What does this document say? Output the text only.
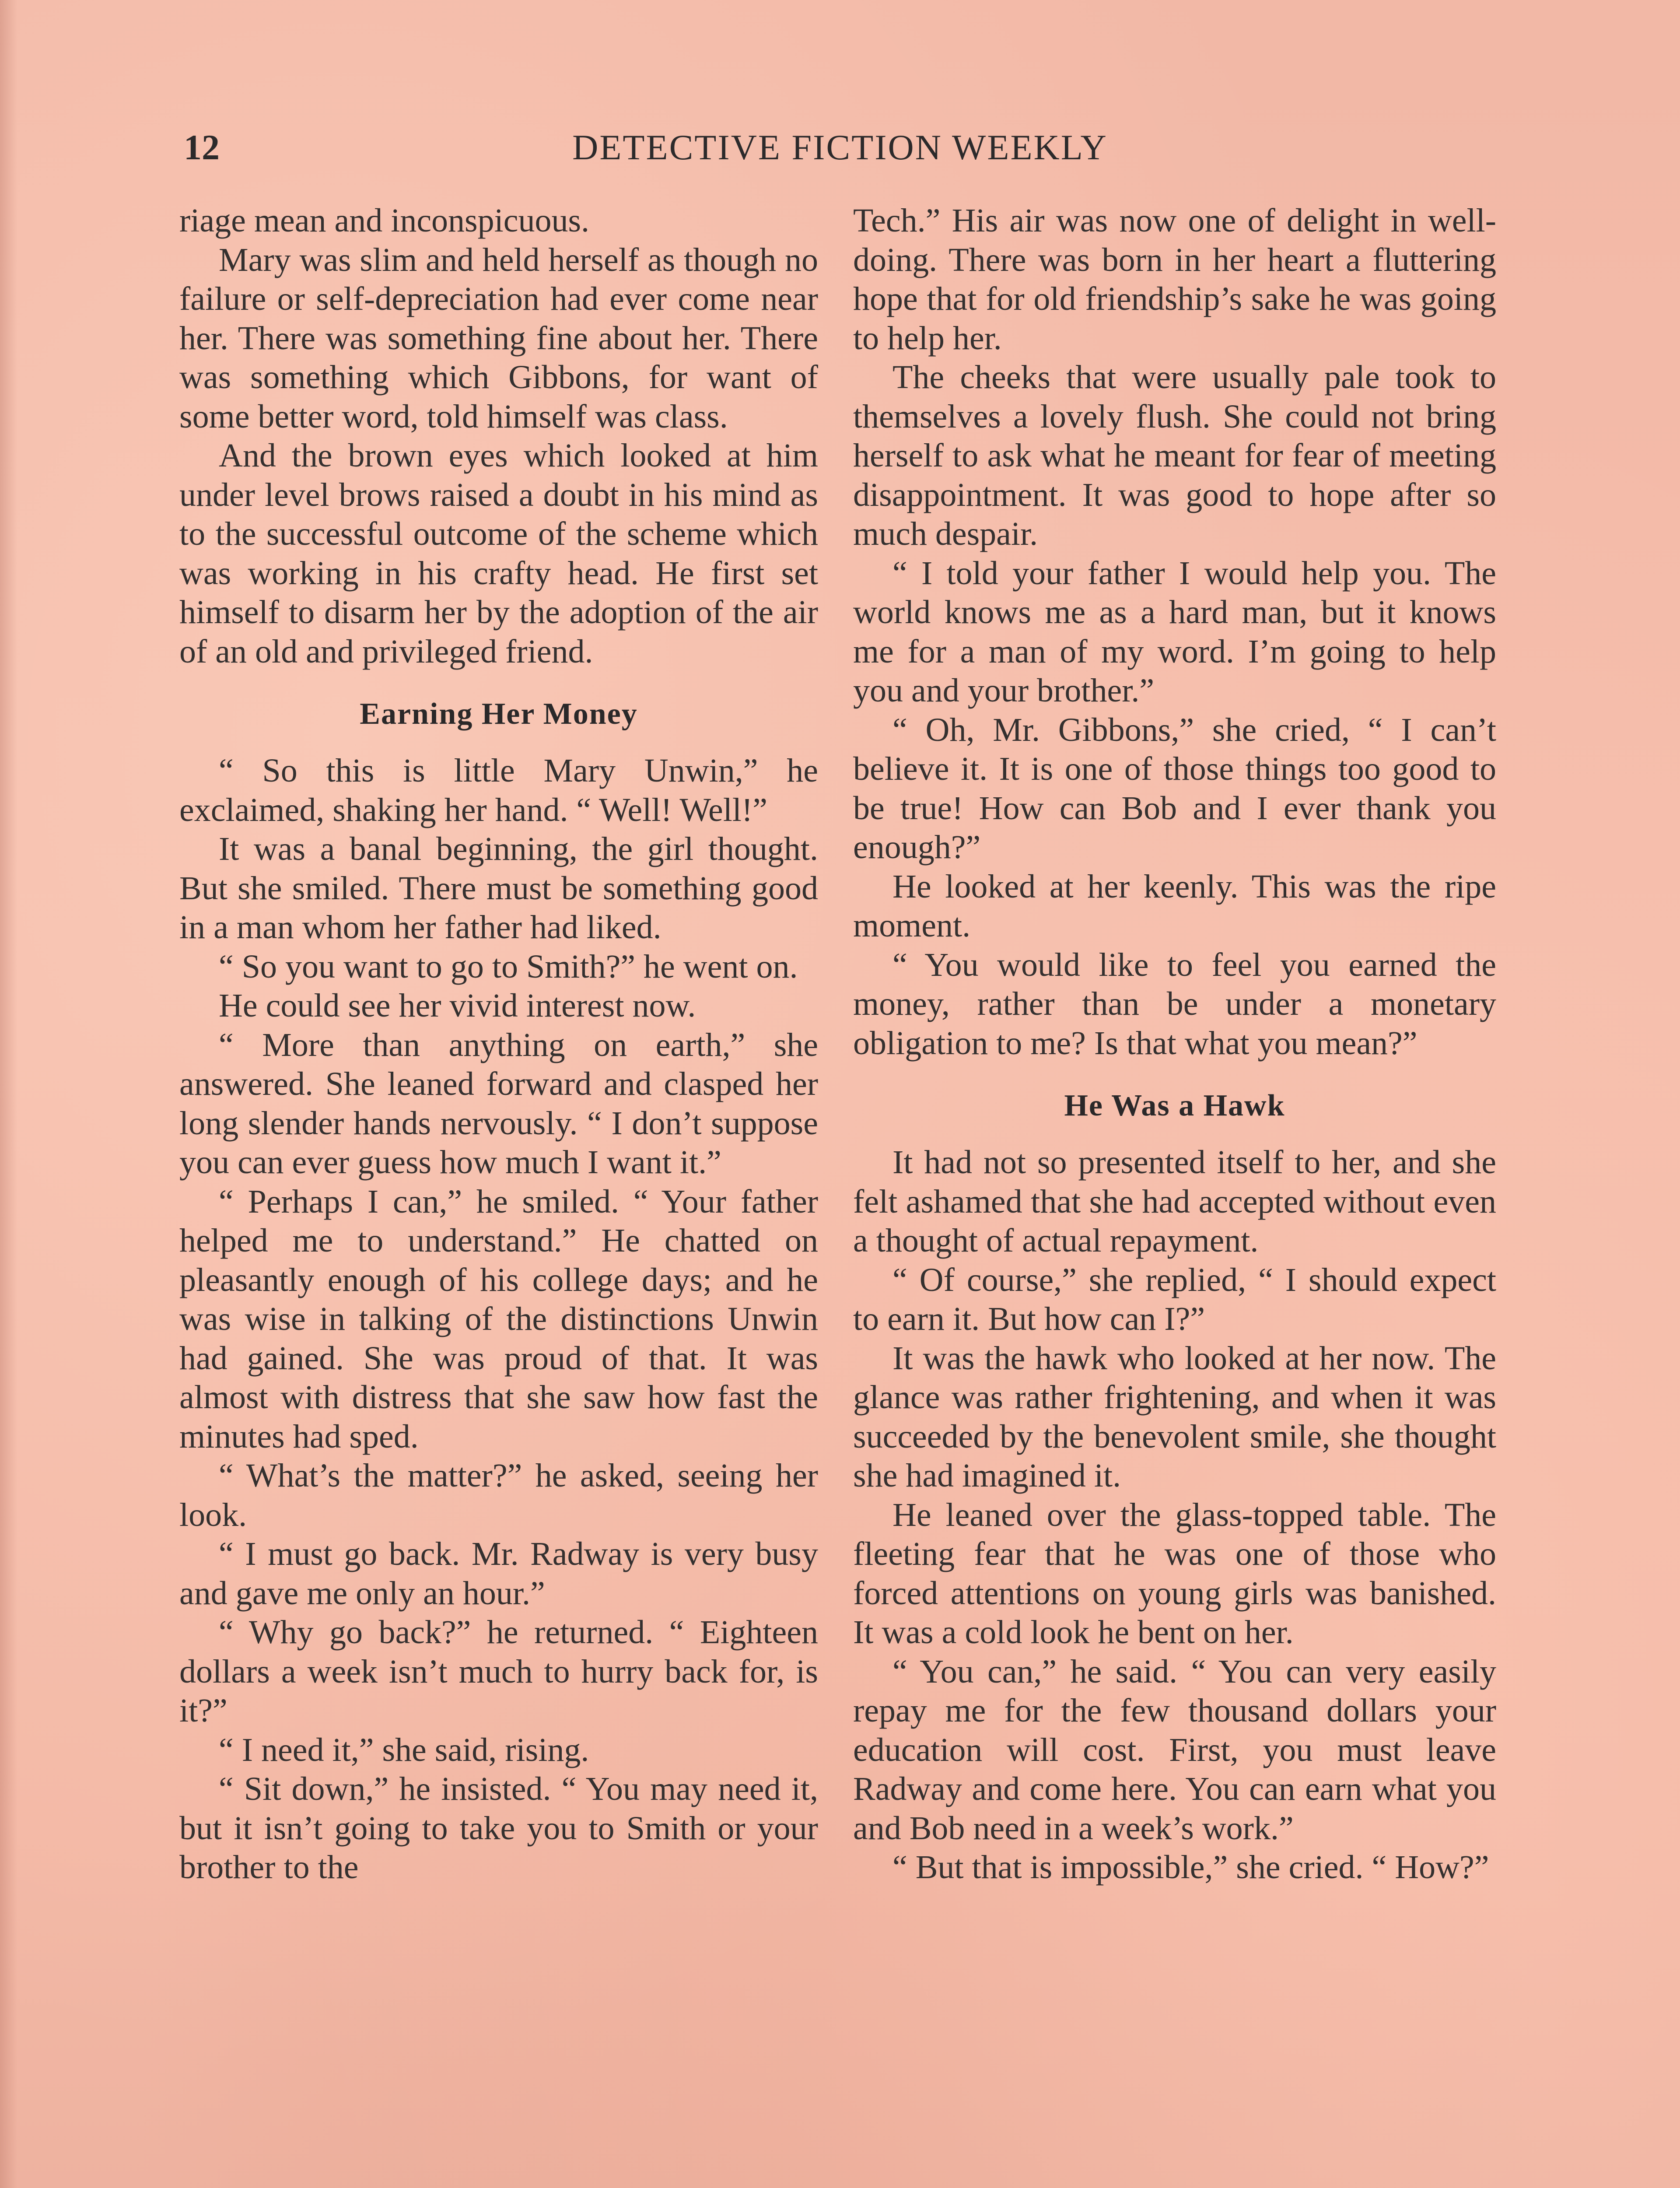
12	DETECTIVE FICTION WEEKLY

riage mean and inconspicuous.

Mary was slim and held herself as though no failure or self-depreciation had ever come near her. There was something fine about her. There was something which Gibbons, for want of some better word, told himself was class.

And the brown eyes which looked at him under level brows raised a doubt in his mind as to the successful outcome of the scheme which was working in his crafty head. He first set himself to disarm her by the adoption of the air of an old and privileged friend.

Earning Her Money

“ So this is little Mary Unwin,” he exclaimed, shaking her hand. “ Well! Well!”

It was a banal beginning, the girl thought. But she smiled. There must be something good in a man whom her father had liked.

“ So you want to go to Smith?” he went on.

He could see her vivid interest now.

“ More than anything on earth,” she answered. She leaned forward and clasped her long slender hands nervously. “ I don’t suppose you can ever guess how much I want it.”

“ Perhaps I can,” he smiled. “ Your father helped me to understand.” He chatted on pleasantly enough of his college days; and he was wise in talking of the distinctions Unwin had gained. She was proud of that. It was almost with distress that she saw how fast the minutes had sped.

“ What’s the matter?” he asked, seeing her look.

“ I must go back. Mr. Radway is very busy and gave me only an hour.”

“ Why go back?” he returned. “ Eighteen dollars a week isn’t much to hurry back for, is it?”

“ I need it,” she said, rising.

“ Sit down,” he insisted. “ You may need it, but it isn’t going to take you to Smith or your brother to the

Tech.” His air was now one of delight in well-doing. There was born in her heart a fluttering hope that for old friendship’s sake he was going to help her.

The cheeks that were usually pale took to themselves a lovely flush. She could not bring herself to ask what he meant for fear of meeting disappointment. It was good to hope after so much despair.

“ I told your father I would help you. The world knows me as a hard man, but it knows me for a man of my word. I’m going to help you and your brother.”

“ Oh, Mr. Gibbons,” she cried, “ I can’t believe it. It is one of those things too good to be true! How can Bob and I ever thank you enough?”

He looked at her keenly. This was the ripe moment.

“ You would like to feel you earned the money, rather than be under a monetary obligation to me? Is that what you mean?”

He Was a Hawk

It had not so presented itself to her, and she felt ashamed that she had accepted without even a thought of actual repayment.

“ Of course,” she replied, “ I should expect to earn it. But how can I?”

It was the hawk who looked at her now. The glance was rather frightening, and when it was succeeded by the benevolent smile, she thought she had imagined it.

He leaned over the glass-topped table. The fleeting fear that he was one of those who forced attentions on young girls was banished. It was a cold look he bent on her.

“ You can,” he said. “ You can very easily repay me for the few thousand dollars your education will cost. First, you must leave Radway and come here. You can earn what you and Bob need in a week’s work.”

“ But that is impossible,” she cried. “ How?”
